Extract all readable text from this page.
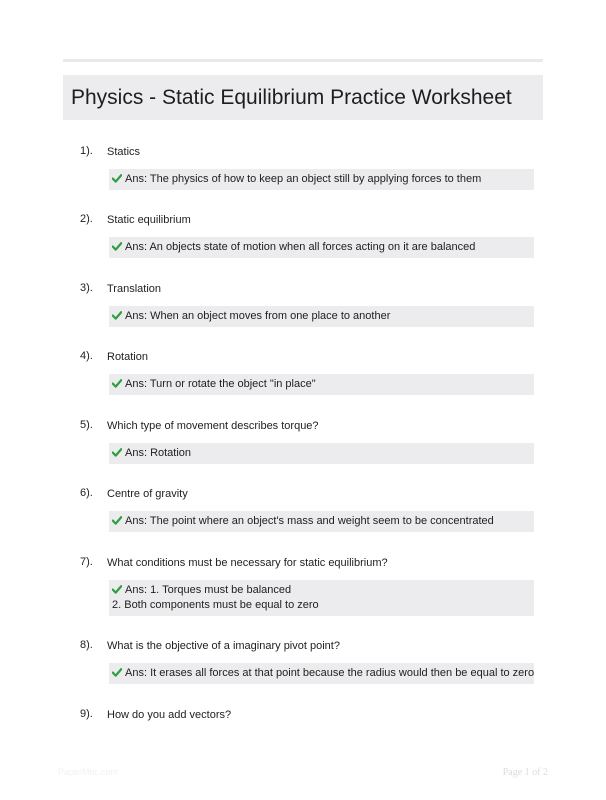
Physics - Static Equilibrium Practice Worksheet
1). Statics
Ans: The physics of how to keep an object still by applying forces to them
2). Static equilibrium
Ans: An objects state of motion when all forces acting on it are balanced
3). Translation
Ans: When an object moves from one place to another
4). Rotation
Ans: Turn or rotate the object "in place"
5). Which type of movement describes torque?
Ans: Rotation
6). Centre of gravity
Ans: The point where an object's mass and weight seem to be concentrated
7). What conditions must be necessary for static equilibrium?
Ans: 1. Torques must be balanced
2. Both components must be equal to zero
8). What is the objective of a imaginary pivot point?
Ans: It erases all forces at that point because the radius would then be equal to zero
9). How do you add vectors?
PaperMtic.com	Page 1 of 2
